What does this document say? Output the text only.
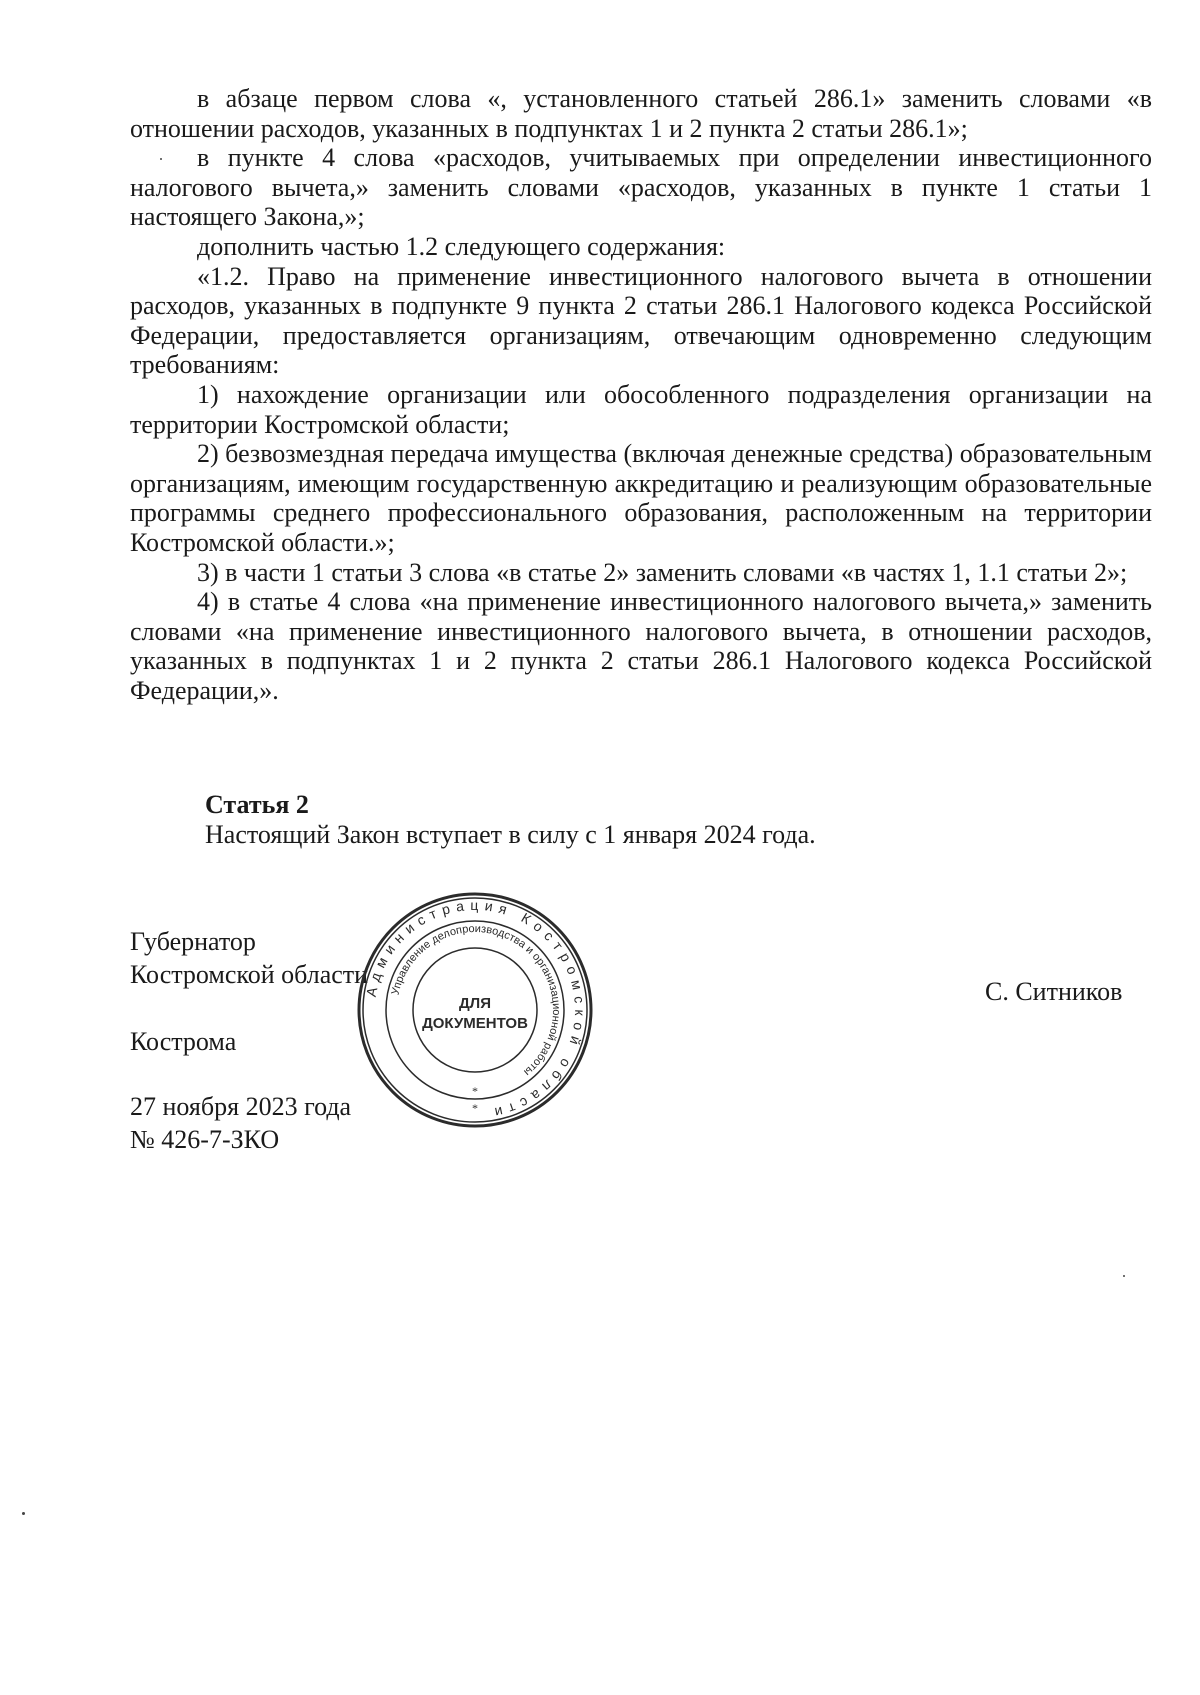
в абзаце первом слова «, установленного статьей 286.1» заменить словами «в отношении расходов, указанных в подпунктах 1 и 2 пункта 2 статьи 286.1»;

в пункте 4 слова «расходов, учитываемых при определении инвестиционного налогового вычета,» заменить словами «расходов, указанных в пункте 1 статьи 1 настоящего Закона,»;

дополнить частью 1.2 следующего содержания:

«1.2. Право на применение инвестиционного налогового вычета в отношении расходов, указанных в подпункте 9 пункта 2 статьи 286.1 Налогового кодекса Российской Федерации, предоставляется организациям, отвечающим одновременно следующим требованиям:

1) нахождение организации или обособленного подразделения организации на территории Костромской области;

2) безвозмездная передача имущества (включая денежные средства) образовательным организациям, имеющим государственную аккредитацию и реализующим образовательные программы среднего профессионального образования, расположенным на территории Костромской области.»;

3) в части 1 статьи 3 слова «в статье 2» заменить словами «в частях 1, 1.1 статьи 2»;

4) в статье 4 слова «на применение инвестиционного налогового вычета,» заменить словами «на применение инвестиционного налогового вычета, в отношении расходов, указанных в подпунктах 1 и 2 пункта 2 статьи 286.1 Налогового кодекса Российской Федерации,».

Статья 2

Настоящий Закон вступает в силу с 1 января 2024 года.

Губернатор

Костромской области

С. Ситников
Кострома

27 ноября 2023 года

№ 426-7-ЗКО

Администрация Костромской области
Управление делопроизводства и организационной работы
ДЛЯ
ДОКУМЕНТОВ
*
*
